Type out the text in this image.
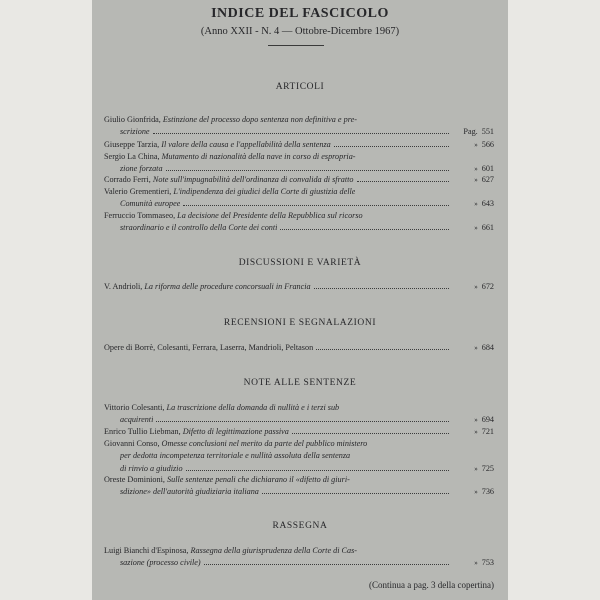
INDICE DEL FASCICOLO
(Anno XXII - N. 4 — Ottobre-Dicembre 1967)
ARTICOLI
Giulio Gionfrida, Estinzione del processo dopo sentenza non definitiva e pre-
scrizione	Pag. 551
Giuseppe Tarzia, Il valore della causa e l'appellabilità della sentenza	» 566
Sergio La China, Mutamento di nazionalità della nave in corso di espropria-
zione forzata	» 601
Corrado Ferri, Note sull'impugnabilità dell'ordinanza di convalida di sfratto	» 627
Valerio Grementieri, L'indipendenza dei giudici della Corte di giustizia delle
Comunità europee	» 643
Ferruccio Tommaseo, La decisione del Presidente della Repubblica sul ricorso
straordinario e il controllo della Corte dei conti	» 661
DISCUSSIONI E VARIETÀ
V. Andrioli, La riforma delle procedure concorsuali in Francia	» 672
RECENSIONI E SEGNALAZIONI
Opere di Borrè, Colesanti, Ferrara, Laserra, Mandrioli, Peltason	» 684
NOTE ALLE SENTENZE
Vittorio Colesanti, La trascrizione della domanda di nullità e i terzi sub
acquirenti	» 694
Enrico Tullio Liebman, Difetto di legittimazione passiva	» 721
Giovanni Conso, Omesse conclusioni nel merito da parte del pubblico ministero
per dedotta incompetenza territoriale e nullità assoluta della sentenza
di rinvio a giudizio	» 725
Oreste Dominioni, Sulle sentenze penali che dichiarano il «difetto di giuri-
sdizione» dell'autorità giudiziaria italiana	» 736
RASSEGNA
Luigi Bianchi d'Espinosa, Rassegna della giurisprudenza della Corte di Cas-
sazione (processo civile)	» 753
(Continua a pag. 3 della copertina)
